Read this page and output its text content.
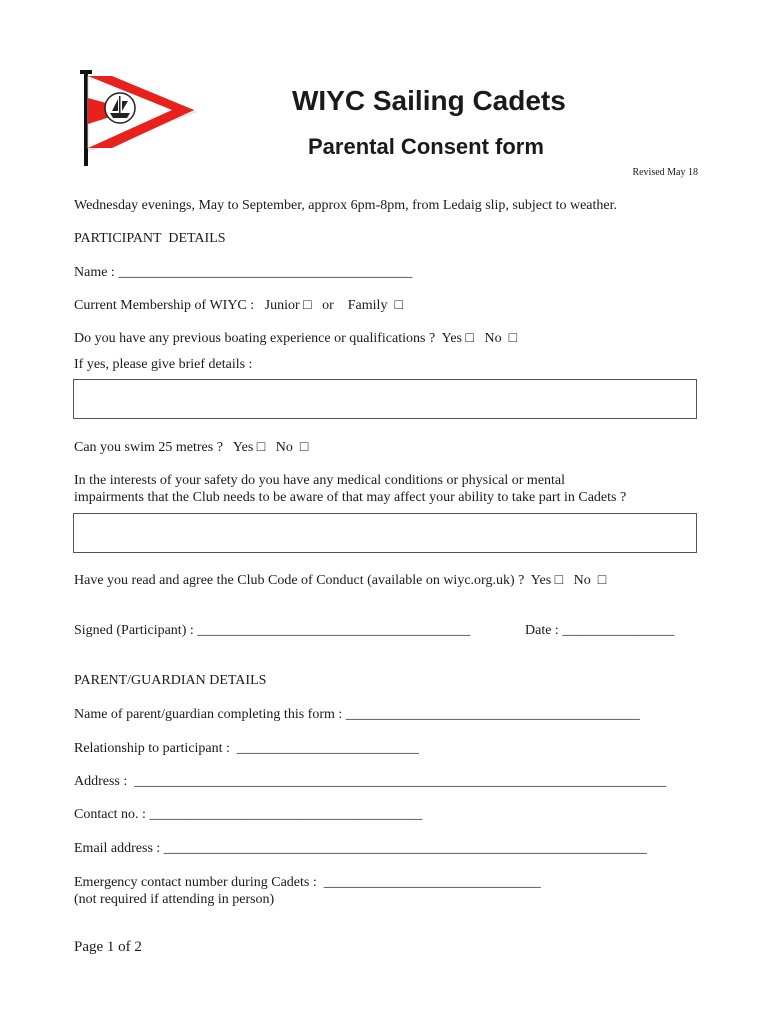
WIYC Sailing Cadets
Parental Consent form
Revised May 18
Wednesday evenings, May to September, approx 6pm-8pm, from Ledaig slip, subject to weather.
PARTICIPANT  DETAILS
Name : __________________________________________
Current Membership of WIYC :   Junior □   or    Family  □
Do you have any previous boating experience or qualifications ?  Yes □   No  □
If yes, please give brief details :
Can you swim 25 metres ?   Yes □   No  □
In the interests of your safety do you have any medical conditions or physical or mental
impairments that the Club needs to be aware of that may affect your ability to take part in Cadets ?
Have you read and agree the Club Code of Conduct (available on wiyc.org.uk) ?  Yes □   No  □
Signed (Participant) : _______________________________________	Date : ________________
PARENT/GUARDIAN DETAILS
Name of parent/guardian completing this form : __________________________________________
Relationship to participant :  __________________________
Address :  ____________________________________________________________________________
Contact no. : _______________________________________
Email address : _____________________________________________________________________
Emergency contact number during Cadets :  _______________________________
(not required if attending in person)
Page 1 of 2
